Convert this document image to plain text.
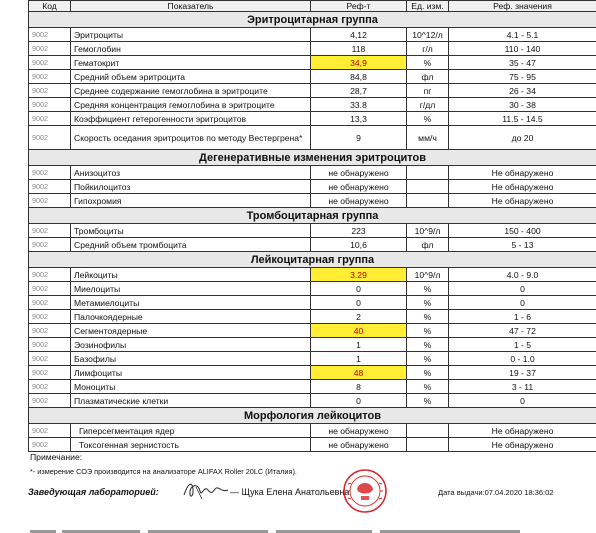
Код	Показатель	Реф-т	Ед. изм.	Реф. значения
Эритроцитарная группа				
9002	Эритроциты	4,12	10^12/л	4.1 - 5.1
9002	Гемоглобин	118	г/л	110 - 140
9002	Гематокрит	34,9	%	35 - 47
9002	Средний объем эритроцита	84,8	фл	75 - 95
9002	Среднее содержание гемоглобина в эритроците	28,7	пг	26 - 34
9002	Средняя концентрация гемоглобина в эритроците	33.8	г/дл	30 - 38
9002	Коэффициент гетерогенности эритроцитов	13,3	%	11.5 - 14.5
9002	Скорость оседания эритроцитов по методу Вестергрена*	9	мм/ч	до 20
Дегенеративные изменения эритроцитов				
9002	Анизоцитоз	не обнаружено		Не обнаружено
9002	Пойкилоцитоз	не обнаружено		Не обнаружено
9002	Гипохромия	не обнаружено		Не обнаружено
Тромбоцитарная группа				
9002	Тромбоциты	223	10^9/л	150 - 400
9002	Средний объем тромбоцита	10,6	фл	5 - 13
Лейкоцитарная группа				
9002	Лейкоциты	3.29	10^9/л	4.0 - 9.0
9002	Миелоциты	0	%	0
9002	Метамиелоциты	0	%	0
9002	Палочкоядерные	2	%	1 - 6
9002	Сегментоядерные	40	%	47 - 72
9002	Эозинофилы	1	%	1 - 5
9002	Базофилы	1	%	0 - 1.0
9002	Лимфоциты	48	%	19 - 37
9002	Моноциты	8	%	3 - 11
9002	Плазматические клетки	0	%	0
Морфология лейкоцитов				
9002	Гиперсегментация ядер	не обнаружено		Не обнаружено
9002	Токсогенная зернистость	не обнаружено		Не обнаружено
Примечание:
*- измерение СОЭ производится на анализаторе ALIFAX Roller 20LC (Италия).
Заведующая лабораторией:	— Щука Елена Анатольевна	Дата выдачи:07.04.2020 18:36:02
